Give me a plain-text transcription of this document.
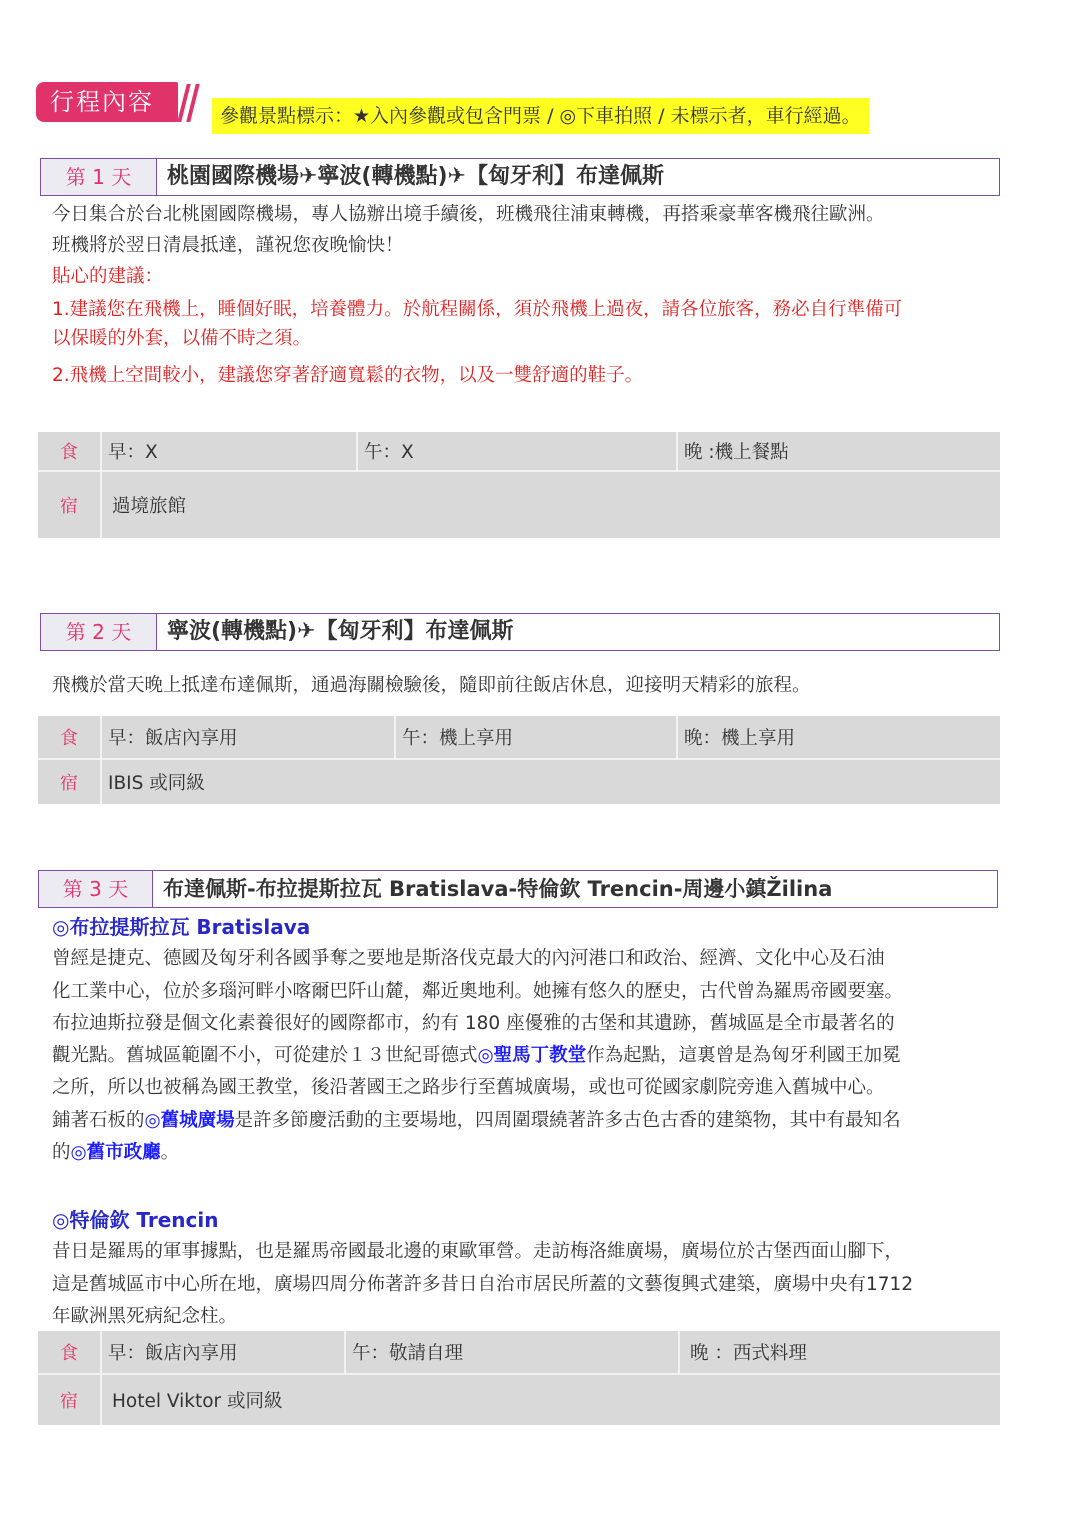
行程內容	參觀景點標示：★入內參觀或包含門票 / ◎下車拍照 / 未標示者，車行經過。
第 1 天	桃園國際機場✈寧波(轉機點)✈【匈牙利】布達佩斯
今日集合於台北桃園國際機場，專人協辦出境手續後，班機飛往浦東轉機，再搭乘豪華客機飛往歐洲。
班機將於翌日清晨抵達，謹祝您夜晚愉快！
貼心的建議：
1.建議您在飛機上，睡個好眠，培養體力。於航程關係，須於飛機上過夜，請各位旅客，務必自行準備可
以保暖的外套，以備不時之須。
2.飛機上空間較小，建議您穿著舒適寬鬆的衣物，以及一雙舒適的鞋子。
食	早：X	午：X	晚 :機上餐點
宿	過境旅館
第 2 天	寧波(轉機點)✈【匈牙利】布達佩斯
飛機於當天晚上抵達布達佩斯，通過海關檢驗後，隨即前往飯店休息，迎接明天精彩的旅程。
食	早：飯店內享用	午：機上享用	晚：機上享用
宿	IBIS 或同級
第 3 天	布達佩斯-布拉提斯拉瓦 Bratislava-特倫欽 Trencin-周邊小鎮Žilina
◎布拉提斯拉瓦 Bratislava
曾經是捷克、德國及匈牙利各國爭奪之要地是斯洛伐克最大的內河港口和政治、經濟、文化中心及石油
化工業中心，位於多瑙河畔小喀爾巴阡山麓，鄰近奧地利。她擁有悠久的歷史，古代曾為羅馬帝國要塞。
布拉迪斯拉發是個文化素養很好的國際都市，約有 180 座優雅的古堡和其遺跡，舊城區是全市最著名的
觀光點。舊城區範圍不小，可從建於１３世紀哥德式◎聖馬丁教堂作為起點，這裏曾是為匈牙利國王加冕
之所，所以也被稱為國王教堂，後沿著國王之路步行至舊城廣場，或也可從國家劇院旁進入舊城中心。
鋪著石板的◎舊城廣場是許多節慶活動的主要場地，四周圍環繞著許多古色古香的建築物，其中有最知名
的◎舊市政廳。
◎特倫欽 Trencin
昔日是羅馬的軍事據點，也是羅馬帝國最北邊的東歐軍營。走訪梅洛維廣場，廣場位於古堡西面山腳下，
這是舊城區市中心所在地，廣場四周分佈著許多昔日自治市居民所蓋的文藝復興式建築，廣場中央有1712
年歐洲黑死病紀念柱。
食	早：飯店內享用	午：敬請自理	晚 ：西式料理
宿	Hotel Viktor 或同級
